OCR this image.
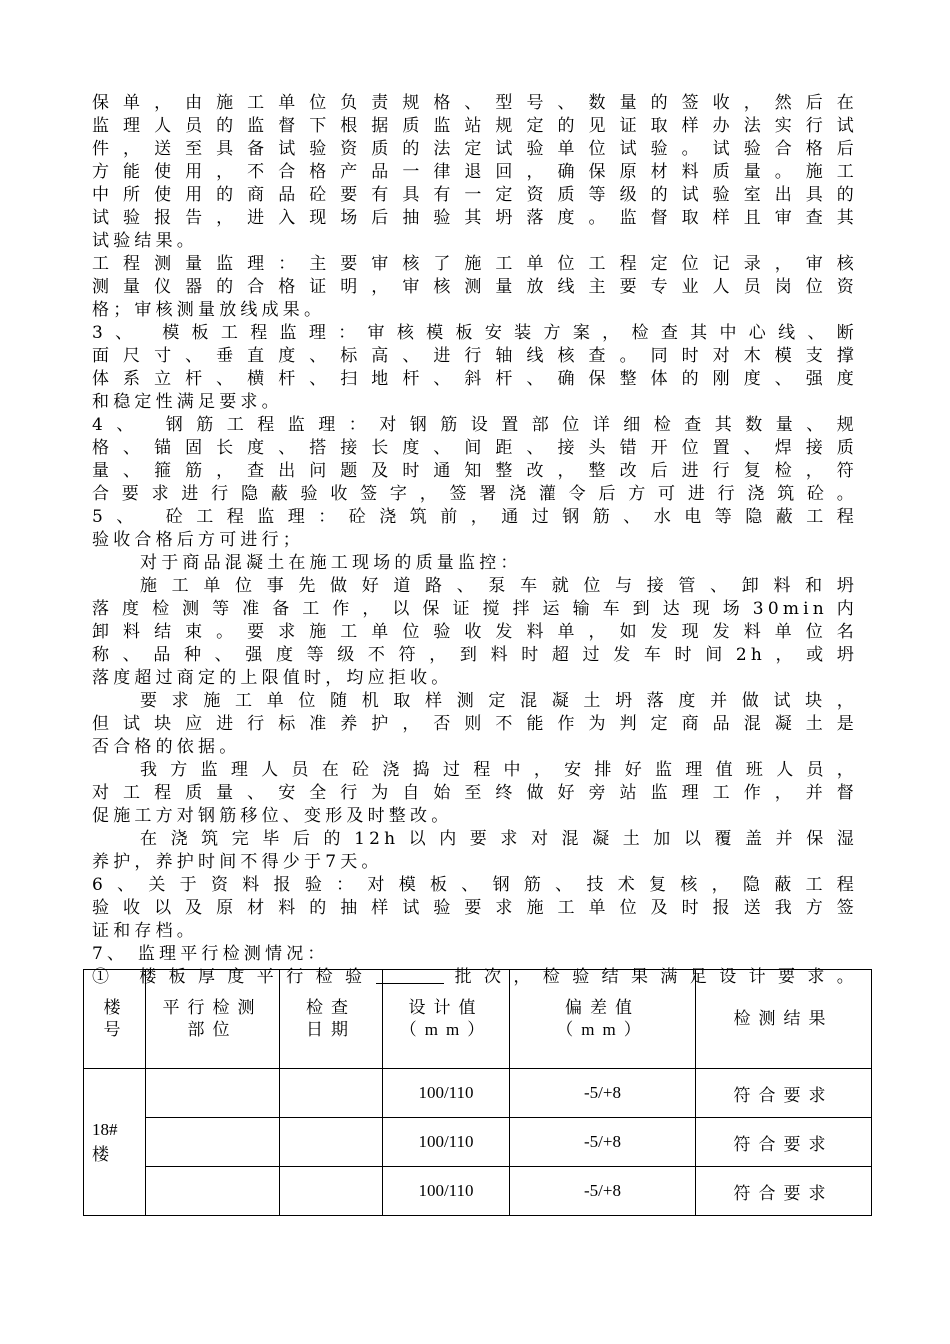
保单，由施工单位负责规格、型号、数量的签收，然后在
监理人员的监督下根据质监站规定的见证取样办法实行试
件，送至具备试验资质的法定试验单位试验。试验合格后
方能使用，不合格产品一律退回，确保原材料质量。施工
中所使用的商品砼要有具有一定资质等级的试验室出具的
试验报告，进入现场后抽验其坍落度。监督取样且审查其
试验结果。
工程测量监理：主要审核了施工单位工程定位记录，审核
测量仪器的合格证明，审核测量放线主要专业人员岗位资
格；审核测量放线成果。
3、 模板工程监理：审核模板安装方案，检查其中心线、断
面尺寸、垂直度、标高、进行轴线核查。同时对木模支撑
体系立杆、横杆、扫地杆、斜杆、确保整体的刚度、强度
和稳定性满足要求。
4、 钢筋工程监理：对钢筋设置部位详细检查其数量、规
格、锚固长度、搭接长度、间距、接头错开位置、焊接质
量、箍筋，查出问题及时通知整改，整改后进行复检，符
合要求进行隐蔽验收签字，签署浇灌令后方可进行浇筑砼。
5、 砼工程监理：砼浇筑前，通过钢筋、水电等隐蔽工程
验收合格后方可进行；
对于商品混凝土在施工现场的质量监控：
施工单位事先做好道路、泵车就位与接管、卸料和坍
落度检测等准备工作，以保证搅拌运输车到达现场30min内
卸料结束。要求施工单位验收发料单，如发现发料单位名
称、品种、强度等级不符，到料时超过发车时间2h，或坍
落度超过商定的上限值时，均应拒收。
要求施工单位随机取样测定混凝土坍落度并做试块，
但试块应进行标准养护，否则不能作为判定商品混凝土是
否合格的依据。
我方监理人员在砼浇捣过程中，安排好监理值班人员，
对工程质量、安全行为自始至终做好旁站监理工作，并督
促施工方对钢筋移位、变形及时整改。
在浇筑完毕后的12h以内要求对混凝土加以覆盖并保湿
养护，养护时间不得少于7天。
6、关于资料报验：对模板、钢筋、技术复核，隐蔽工程
验收以及原材料的抽样试验要求施工单位及时报送我方签
证和存档。
7、 监理平行检测情况：
① 楼板厚度平行检验	批次，检验结果满足设计要求。
楼号	平行检测部位	检查日期	设计值（mm）	偏差值（mm）	检测结果
18#楼			100/110	-5/+8	符合要求
			100/110	-5/+8	符合要求
			100/110	-5/+8	符合要求
